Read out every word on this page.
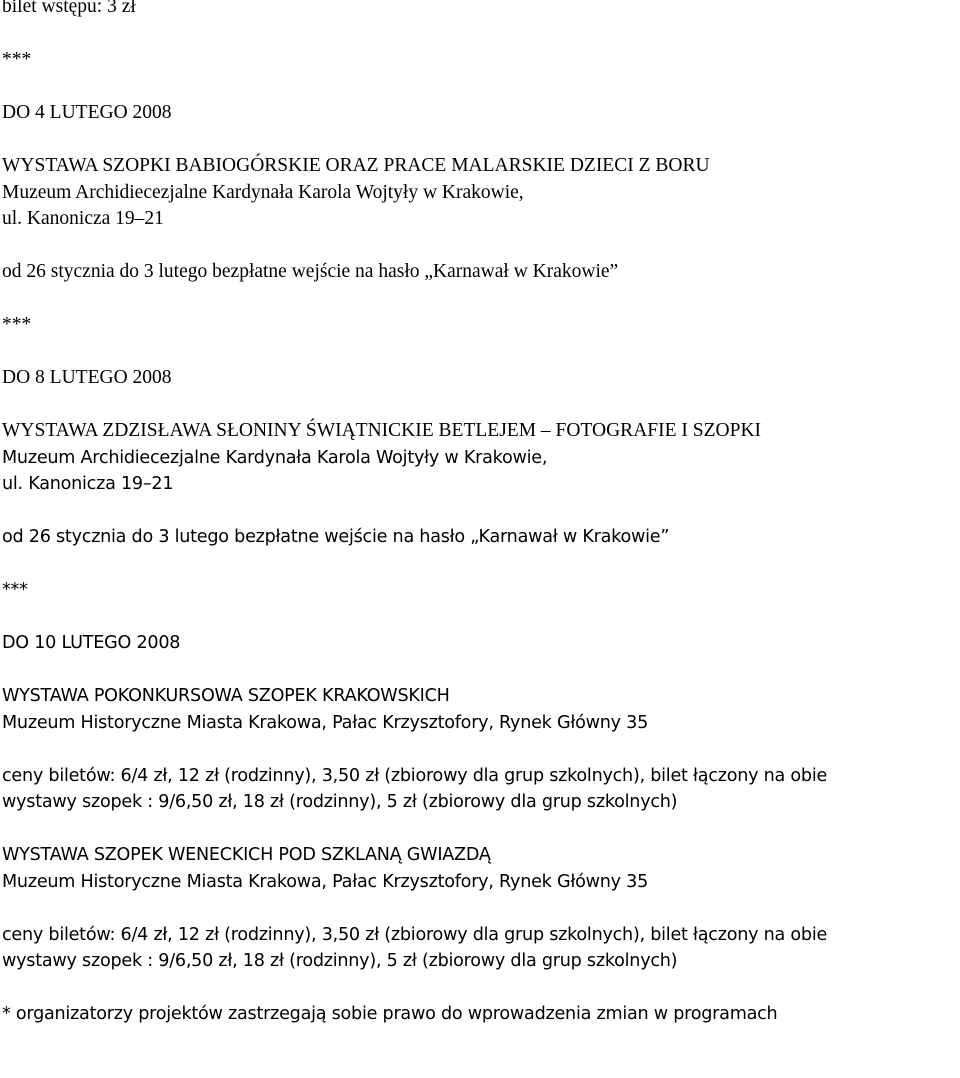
bilet wstępu: 3 zł
***
DO 4 LUTEGO 2008
WYSTAWA SZOPKI BABIOGÓRSKIE ORAZ PRACE MALARSKIE DZIECI Z BORU
Muzeum Archidiecezjalne Kardynała Karola Wojtyły w Krakowie,
ul. Kanonicza 19–21
od 26 stycznia do 3 lutego bezpłatne wejście na hasło „Karnawał w Krakowie”
***
DO 8 LUTEGO 2008
WYSTAWA ZDZISŁAWA SŁONINY ŚWIĄTNICKIE BETLEJEM – FOTOGRAFIE I SZOPKI
Muzeum Archidiecezjalne Kardynała Karola Wojtyły w Krakowie,
ul. Kanonicza 19–21
od 26 stycznia do 3 lutego bezpłatne wejście na hasło „Karnawał w Krakowie”
***
DO 10 LUTEGO 2008
WYSTAWA POKONKURSOWA SZOPEK KRAKOWSKICH
Muzeum Historyczne Miasta Krakowa, Pałac Krzysztofory, Rynek Główny 35
ceny biletów: 6/4 zł, 12 zł (rodzinny), 3,50 zł (zbiorowy dla grup szkolnych), bilet łączony na obie
wystawy szopek : 9/6,50 zł, 18 zł (rodzinny), 5 zł (zbiorowy dla grup szkolnych)
WYSTAWA SZOPEK WENECKICH POD SZKLANĄ GWIAZDĄ
Muzeum Historyczne Miasta Krakowa, Pałac Krzysztofory, Rynek Główny 35
ceny biletów: 6/4 zł, 12 zł (rodzinny), 3,50 zł (zbiorowy dla grup szkolnych), bilet łączony na obie
wystawy szopek : 9/6,50 zł, 18 zł (rodzinny), 5 zł (zbiorowy dla grup szkolnych)
* organizatorzy projektów zastrzegają sobie prawo do wprowadzenia zmian w programach
